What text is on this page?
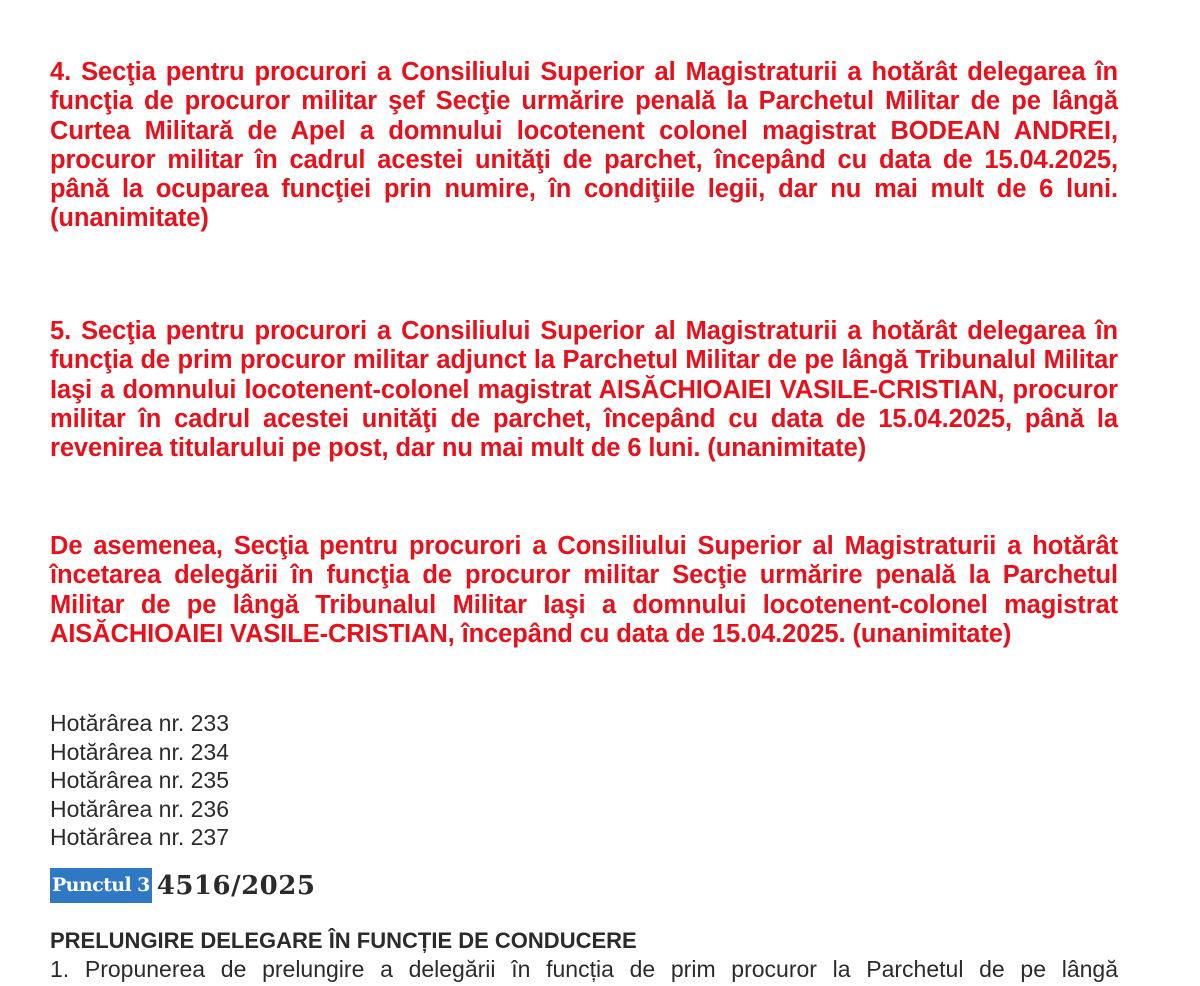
4. Secţia pentru procurori a Consiliului Superior al Magistraturii a hotărât delegarea în funcţia de procuror militar şef Secţie urmărire penală la Parchetul Militar de pe lângă Curtea Militară de Apel a domnului locotenent colonel magistrat BODEAN ANDREI, procuror militar în cadrul acestei unităţi de parchet, începând cu data de 15.04.2025, până la ocuparea funcţiei prin numire, în condiţiile legii, dar nu mai mult de 6 luni. (unanimitate)

5. Secţia pentru procurori a Consiliului Superior al Magistraturii a hotărât delegarea în funcţia de prim procuror militar adjunct la Parchetul Militar de pe lângă Tribunalul Militar Iaşi a domnului locotenent-colonel magistrat AISĂCHIOAIEI VASILE-CRISTIAN, procuror militar în cadrul acestei unităţi de parchet, începând cu data de 15.04.2025, până la revenirea titularului pe post, dar nu mai mult de 6 luni. (unanimitate)

De asemenea, Secţia pentru procurori a Consiliului Superior al Magistraturii a hotărât încetarea delegării în funcţia de procuror militar Secţie urmărire penală la Parchetul Militar de pe lângă Tribunalul Militar Iaşi a domnului locotenent-colonel magistrat AISĂCHIOAIEI VASILE-CRISTIAN, începând cu data de 15.04.2025. (unanimitate)

Hotărârea nr. 233
Hotărârea nr. 234
Hotărârea nr. 235
Hotărârea nr. 236
Hotărârea nr. 237
Punctul 3 4516/2025

PRELUNGIRE DELEGARE ÎN FUNCȚIE DE CONDUCERE

1. Propunerea de prelungire a delegării în funcția de prim procuror la Parchetul de pe lângă
